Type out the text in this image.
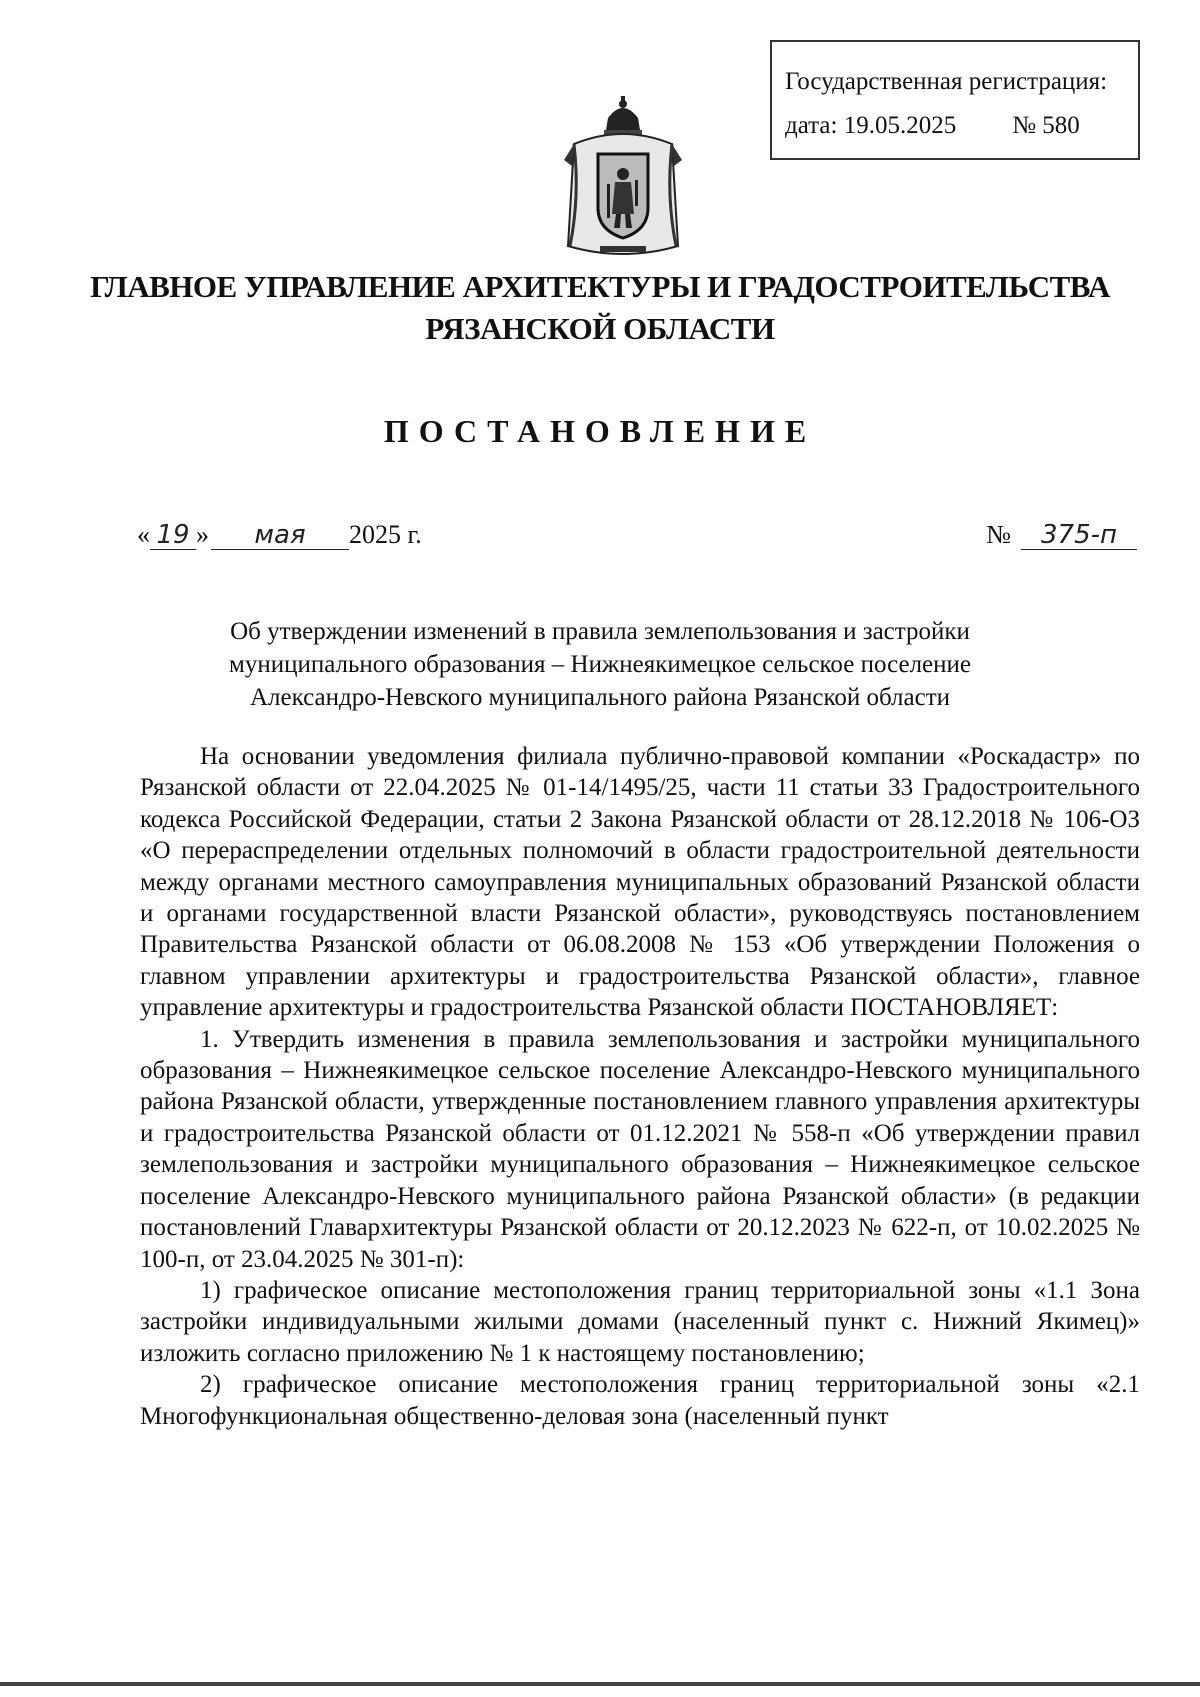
Государственная регистрация:
дата: 19.05.2025 № 580
ГЛАВНОЕ УПРАВЛЕНИЕ АРХИТЕКТУРЫ И ГРАДОСТРОИТЕЛЬСТВА
РЯЗАНСКОЙ ОБЛАСТИ
ПОСТАНОВЛЕНИЕ
« 19 » мая 2025 г.	№ 375-п
Об утверждении изменений в правила землепользования и застройки
муниципального образования – Нижнеякимецкое сельское поселение
Александро-Невского муниципального района Рязанской области

На основании уведомления филиала публично-правовой компании «Роскадастр» по Рязанской области от 22.04.2025 № 01-14/1495/25, части 11 статьи 33 Градостроительного кодекса Российской Федерации, статьи 2 Закона Рязанской области от 28.12.2018 № 106-ОЗ «О перераспределении отдельных полномочий в области градостроительной деятельности между органами местного самоуправления муниципальных образований Рязанской области и органами государственной власти Рязанской области», руководствуясь постановлением Правительства Рязанской области от 06.08.2008 № 153 «Об утверждении Положения о главном управлении архитектуры и градостроительства Рязанской области», главное управление архитектуры и градостроительства Рязанской области ПОСТАНОВЛЯЕТ:

1. Утвердить изменения в правила землепользования и застройки муниципального образования – Нижнеякимецкое сельское поселение Александро-Невского муниципального района Рязанской области, утвержденные постановлением главного управления архитектуры и градостроительства Рязанской области от 01.12.2021 № 558-п «Об утверждении правил землепользования и застройки муниципального образования – Нижнеякимецкое сельское поселение Александро-Невского муниципального района Рязанской области» (в редакции постановлений Главархитектуры Рязанской области от 20.12.2023 № 622-п, от 10.02.2025 № 100-п, от 23.04.2025 № 301-п):

1) графическое описание местоположения границ территориальной зоны «1.1 Зона застройки индивидуальными жилыми домами (населенный пункт с. Нижний Якимец)» изложить согласно приложению № 1 к настоящему постановлению;

2) графическое описание местоположения границ территориальной зоны «2.1 Многофункциональная общественно-деловая зона (населенный пункт
